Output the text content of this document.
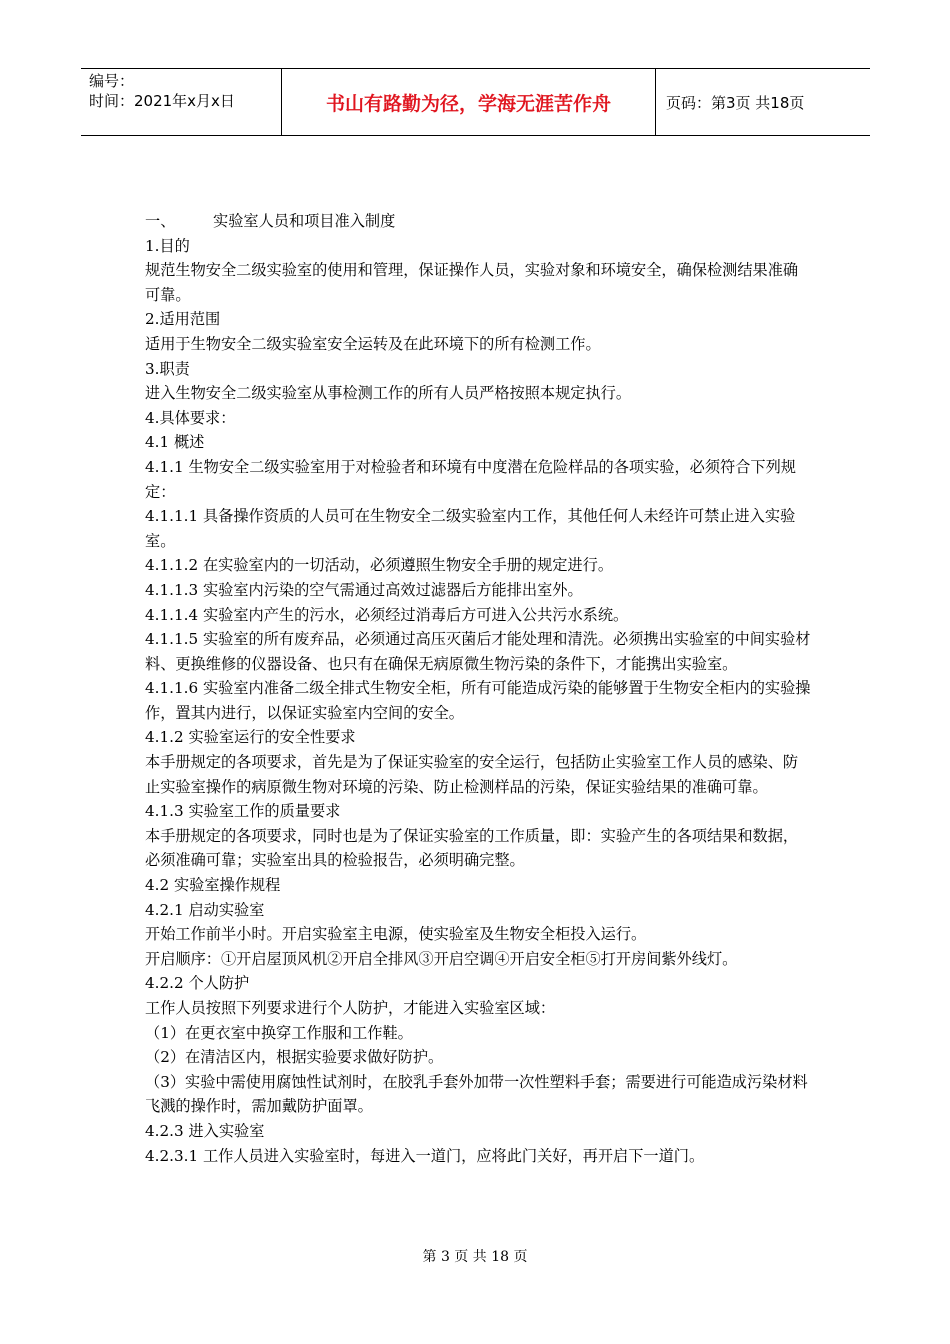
编号：
时间：2021年x月x日	书山有路勤为径，学海无涯苦作舟	页码：第3页 共18页

一、 实验室人员和项目准入制度

1.目的

规范生物安全二级实验室的使用和管理，保证操作人员，实验对象和环境安全，确保检测结果准确可靠。

2.适用范围

适用于生物安全二级实验室安全运转及在此环境下的所有检测工作。

3.职责

进入生物安全二级实验室从事检测工作的所有人员严格按照本规定执行。

4.具体要求：

4.1 概述

4.1.1 生物安全二级实验室用于对检验者和环境有中度潜在危险样品的各项实验，必须符合下列规定：

4.1.1.1 具备操作资质的人员可在生物安全二级实验室内工作，其他任何人未经许可禁止进入实验室。

4.1.1.2 在实验室内的一切活动，必须遵照生物安全手册的规定进行。

4.1.1.3 实验室内污染的空气需通过高效过滤器后方能排出室外。

4.1.1.4 实验室内产生的污水，必须经过消毒后方可进入公共污水系统。

4.1.1.5 实验室的所有废弃品，必须通过高压灭菌后才能处理和清洗。必须携出实验室的中间实验材料、更换维修的仪器设备、也只有在确保无病原微生物污染的条件下，才能携出实验室。

4.1.1.6 实验室内准备二级全排式生物安全柜，所有可能造成污染的能够置于生物安全柜内的实验操作，置其内进行，以保证实验室内空间的安全。

4.1.2 实验室运行的安全性要求

本手册规定的各项要求，首先是为了保证实验室的安全运行，包括防止实验室工作人员的感染、防止实验室操作的病原微生物对环境的污染、防止检测样品的污染，保证实验结果的准确可靠。

4.1.3 实验室工作的质量要求

本手册规定的各项要求，同时也是为了保证实验室的工作质量，即：实验产生的各项结果和数据，必须准确可靠；实验室出具的检验报告，必须明确完整。

4.2 实验室操作规程

4.2.1 启动实验室

开始工作前半小时。开启实验室主电源，使实验室及生物安全柜投入运行。

开启顺序：①开启屋顶风机②开启全排风③开启空调④开启安全柜⑤打开房间紫外线灯。

4.2.2 个人防护

工作人员按照下列要求进行个人防护，才能进入实验室区域：

（1）在更衣室中换穿工作服和工作鞋。

（2）在清洁区内，根据实验要求做好防护。

（3）实验中需使用腐蚀性试剂时，在胶乳手套外加带一次性塑料手套；需要进行可能造成污染材料飞溅的操作时，需加戴防护面罩。

4.2.3 进入实验室

4.2.3.1 工作人员进入实验室时，每进入一道门，应将此门关好，再开启下一道门。

第 3 页 共 18 页
